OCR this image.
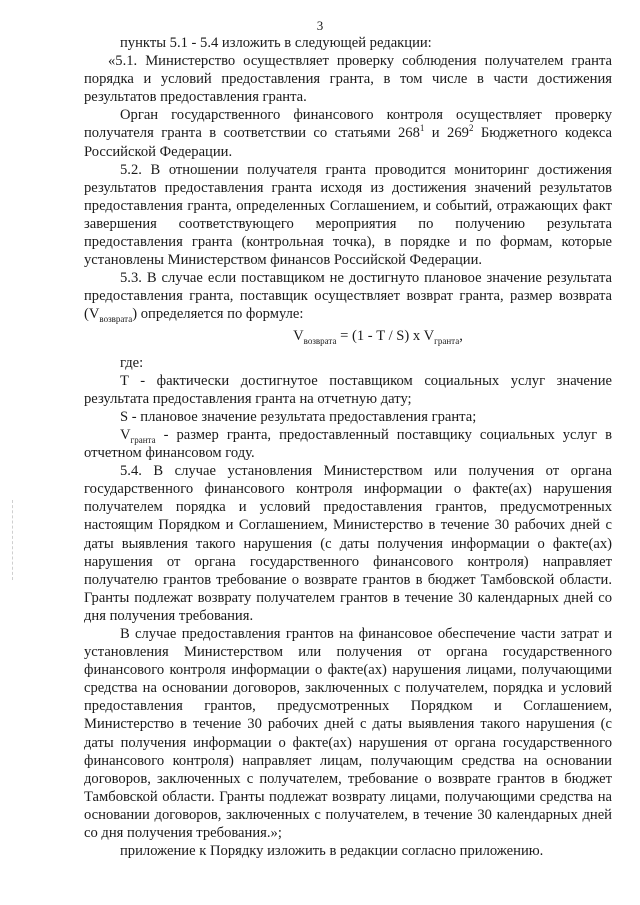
3

пункты 5.1 - 5.4 изложить в следующей редакции:

«5.1. Министерство осуществляет проверку соблюдения получателем гранта порядка и условий предоставления гранта, в том числе в части достижения результатов предоставления гранта.

Орган государственного финансового контроля осуществляет проверку получателя гранта в соответствии со статьями $268^1$ и $269^2$ Бюджетного кодекса Российской Федерации.

5.2. В отношении получателя гранта проводится мониторинг достижения результатов предоставления гранта исходя из достижения значений результатов предоставления гранта, определенных Соглашением, и событий, отражающих факт завершения соответствующего мероприятия по получению результата предоставления гранта (контрольная точка), в порядке и по формам, которые установлены Министерством финансов Российской Федерации.

5.3. В случае если поставщиком не достигнуто плановое значение результата предоставления гранта, поставщик осуществляет возврат гранта, размер возврата $(V_{возврата})$ определяется по формуле:

$V_{возврата} = (1 - T / S)$ x $V_{гранта}$,

где:

T - фактически достигнутое поставщиком социальных услуг значение результата предоставления гранта на отчетную дату;

S - плановое значение результата предоставления гранта;

$V_{гранта}$ - размер гранта, предоставленный поставщику социальных услуг в отчетном финансовом году.

5.4. В случае установления Министерством или получения от органа государственного финансового контроля информации о факте(ах) нарушения получателем порядка и условий предоставления грантов, предусмотренных настоящим Порядком и Соглашением, Министерство в течение 30 рабочих дней с даты выявления такого нарушения (с даты получения информации о факте(ах) нарушения от органа государственного финансового контроля) направляет получателю грантов требование о возврате грантов в бюджет Тамбовской области. Гранты подлежат возврату получателем грантов в течение 30 календарных дней со дня получения требования.

В случае предоставления грантов на финансовое обеспечение части затрат и установления Министерством или получения от органа государственного финансового контроля информации о факте(ах) нарушения лицами, получающими средства на основании договоров, заключенных с получателем, порядка и условий предоставления грантов, предусмотренных Порядком и Соглашением, Министерство в течение 30 рабочих дней с даты выявления такого нарушения (с даты получения информации о факте(ах) нарушения от органа государственного финансового контроля) направляет лицам, получающим средства на основании договоров, заключенных с получателем, требование о возврате грантов в бюджет Тамбовской области. Гранты подлежат возврату лицами, получающими средства на основании договоров, заключенных с получателем, в течение 30 календарных дней со дня получения требования.»;

приложение к Порядку изложить в редакции согласно приложению.
